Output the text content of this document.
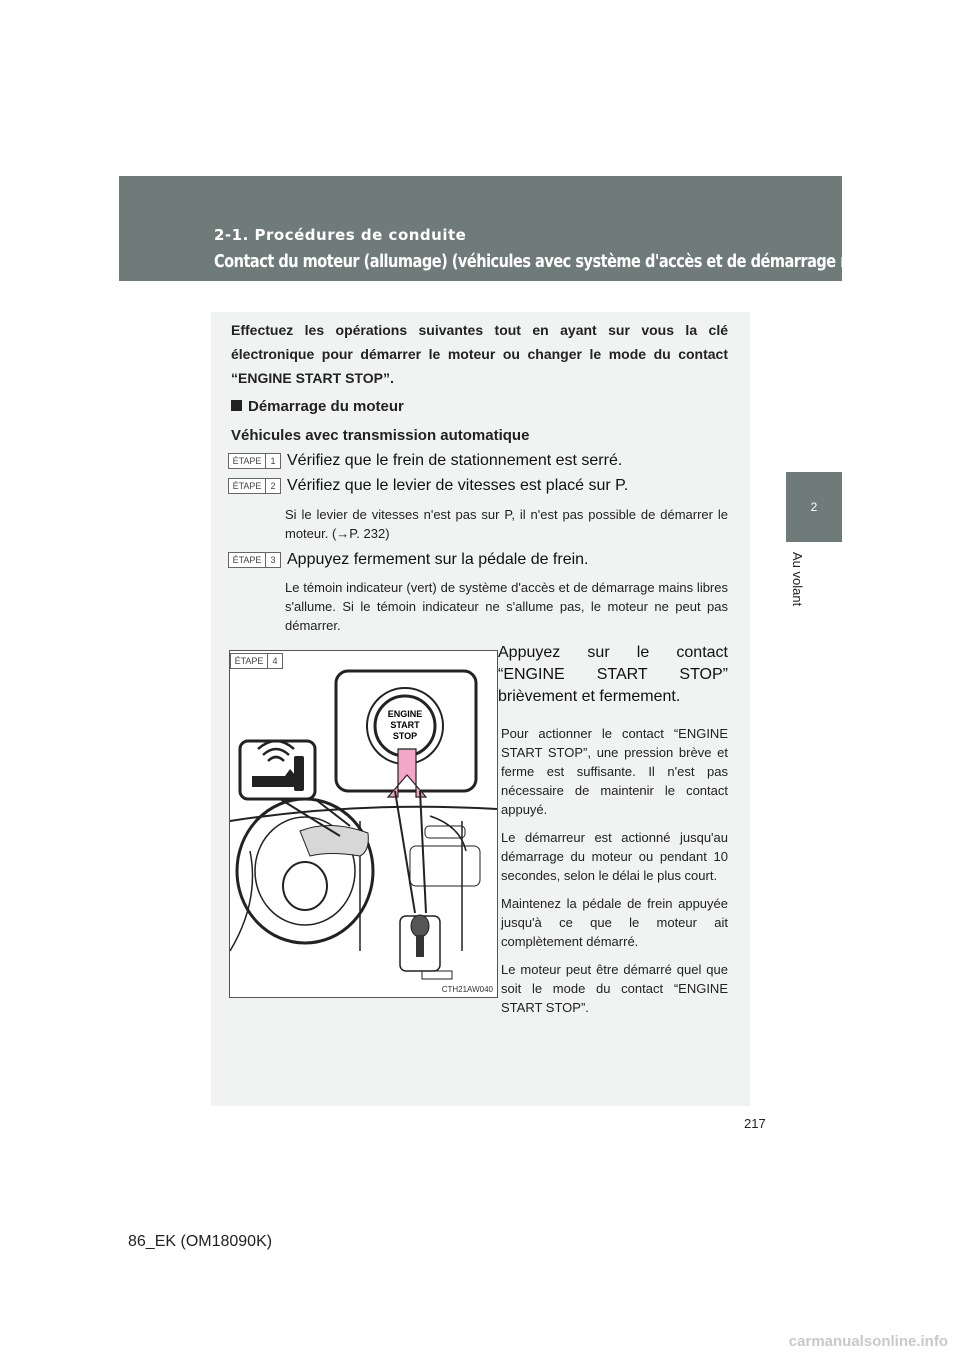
2-1. Procédures de conduite
Contact du moteur (allumage) (véhicules avec système d'accès et de démarrage mains libres)
2
Au volant
Effectuez les opérations suivantes tout en ayant sur vous la clé électronique pour démarrer le moteur ou changer le mode du contact “ENGINE START STOP”.
Démarrage du moteur
Véhicules avec transmission automatique
ÉTAPE	1 Vérifiez que le frein de stationnement est serré.
ÉTAPE	2 Vérifiez que le levier de vitesses est placé sur P.
Si le levier de vitesses n'est pas sur P, il n'est pas possible de démarrer le moteur. (→P. 232)
ÉTAPE	3 Appuyez fermement sur la pédale de frein.
Le témoin indicateur (vert) de système d'accès et de démarrage mains libres s'allume. Si le témoin indicateur ne s'allume pas, le moteur ne peut pas démarrer.
ÉTAPE	4
ENGINE
START
STOP
CTH21AW040

Appuyez sur le contact “ENGINE START STOP” brièvement et fermement.

Pour actionner le contact “ENGINE START STOP”, une pression brève et ferme est suffisante. Il n'est pas nécessaire de maintenir le contact appuyé.

Le démarreur est actionné jusqu'au démarrage du moteur ou pendant 10 secondes, selon le délai le plus court.

Maintenez la pédale de frein appuyée jusqu'à ce que le moteur ait complètement démarré.

Le moteur peut être démarré quel que soit le mode du contact “ENGINE START STOP”.

217
86_EK (OM18090K)
carmanualsonline.info
